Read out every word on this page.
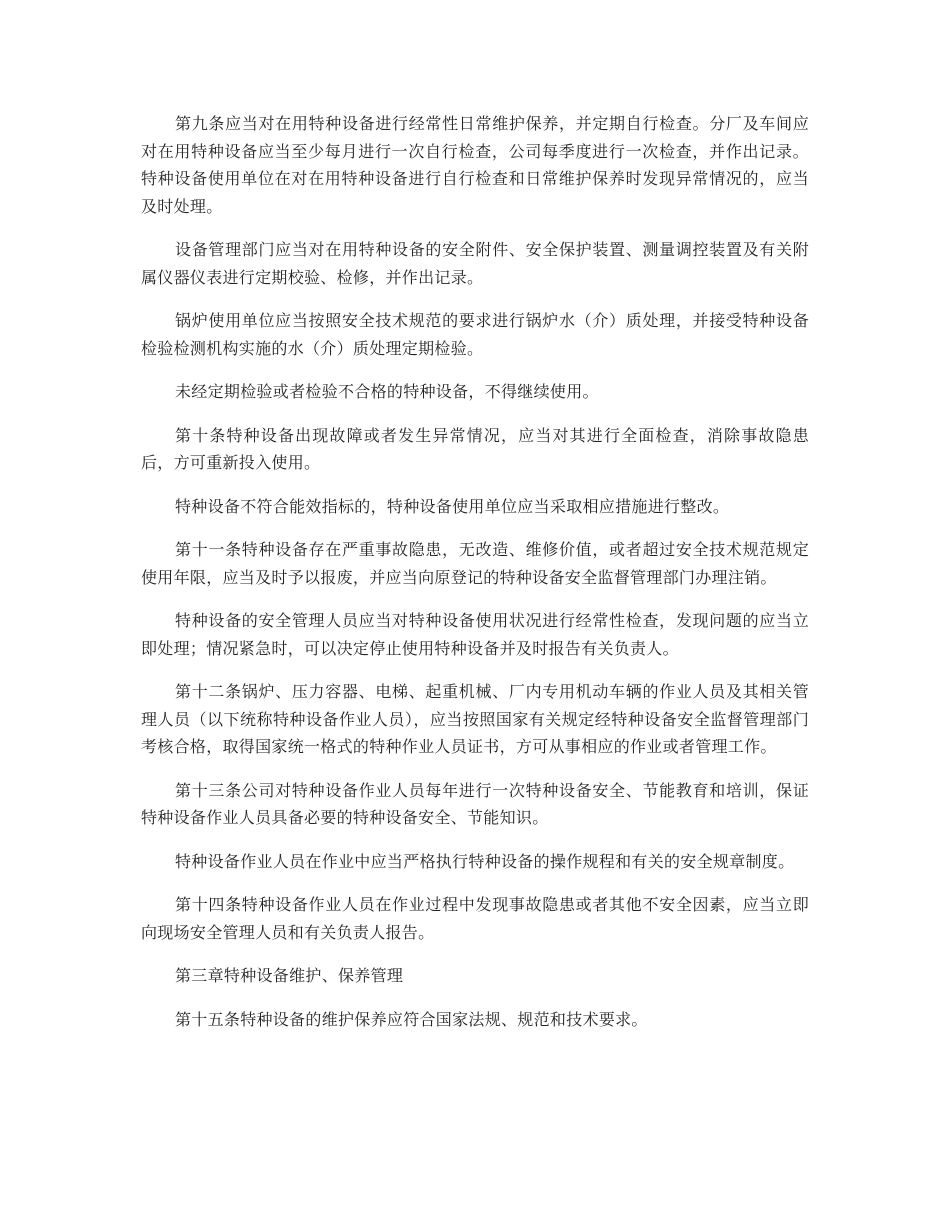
第九条应当对在用特种设备进行经常性日常维护保养，并定期自行检查。分厂及车间应对在用特种设备应当至少每月进行一次自行检查，公司每季度进行一次检查，并作出记录。特种设备使用单位在对在用特种设备进行自行检查和日常维护保养时发现异常情况的，应当及时处理。

设备管理部门应当对在用特种设备的安全附件、安全保护装置、测量调控装置及有关附属仪器仪表进行定期校验、检修，并作出记录。

锅炉使用单位应当按照安全技术规范的要求进行锅炉水（介）质处理，并接受特种设备检验检测机构实施的水（介）质处理定期检验。

未经定期检验或者检验不合格的特种设备，不得继续使用。

第十条特种设备出现故障或者发生异常情况，应当对其进行全面检查，消除事故隐患后，方可重新投入使用。

特种设备不符合能效指标的，特种设备使用单位应当采取相应措施进行整改。

第十一条特种设备存在严重事故隐患，无改造、维修价值，或者超过安全技术规范规定使用年限，应当及时予以报废，并应当向原登记的特种设备安全监督管理部门办理注销。

特种设备的安全管理人员应当对特种设备使用状况进行经常性检查，发现问题的应当立即处理；情况紧急时，可以决定停止使用特种设备并及时报告有关负责人。

第十二条锅炉、压力容器、电梯、起重机械、厂内专用机动车辆的作业人员及其相关管理人员（以下统称特种设备作业人员），应当按照国家有关规定经特种设备安全监督管理部门考核合格，取得国家统一格式的特种作业人员证书，方可从事相应的作业或者管理工作。

第十三条公司对特种设备作业人员每年进行一次特种设备安全、节能教育和培训，保证特种设备作业人员具备必要的特种设备安全、节能知识。

特种设备作业人员在作业中应当严格执行特种设备的操作规程和有关的安全规章制度。

第十四条特种设备作业人员在作业过程中发现事故隐患或者其他不安全因素，应当立即向现场安全管理人员和有关负责人报告。

第三章特种设备维护、保养管理

第十五条特种设备的维护保养应符合国家法规、规范和技术要求。
